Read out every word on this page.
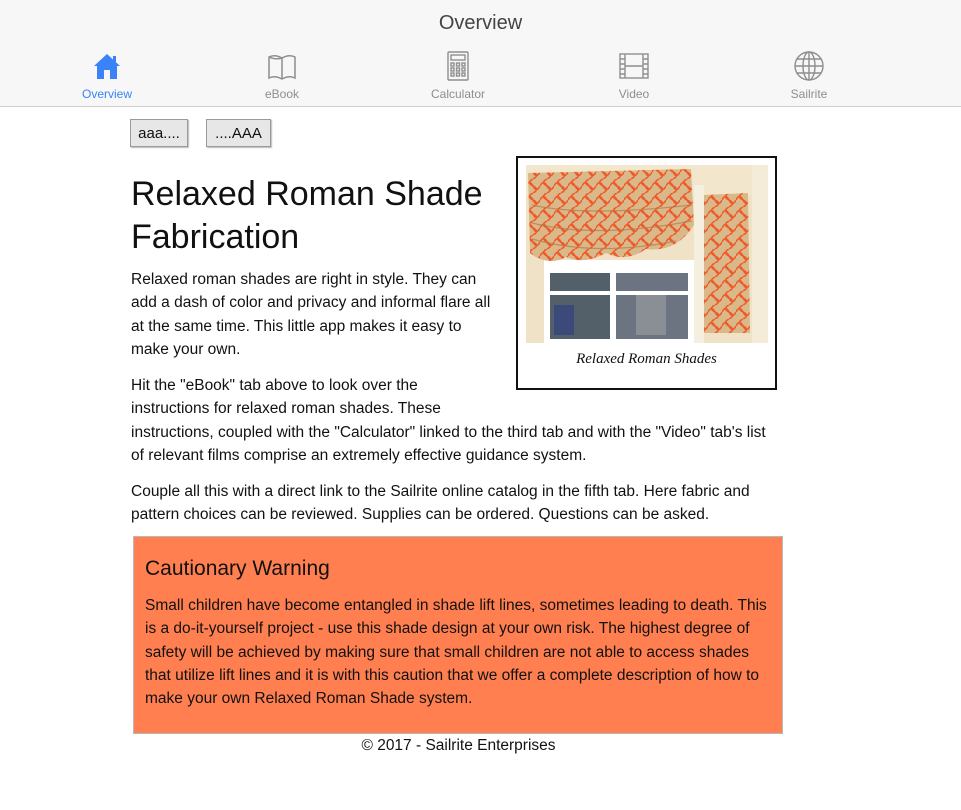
Overview
Overview	eBook	Calculator	Video	Sailrite
aaa....	....AAA
Relaxed Roman Shades
Relaxed Roman Shade Fabrication

Relaxed roman shades are right in style. They can add a dash of color and privacy and informal flare all at the same time. This little app makes it easy to make your own.

Hit the "eBook" tab above to look over the instructions for relaxed roman shades. These instructions, coupled with the "Calculator" linked to the third tab and with the "Video" tab's list of relevant films comprise an extremely effective guidance system.

Couple all this with a direct link to the Sailrite online catalog in the fifth tab. Here fabric and pattern choices can be reviewed. Supplies can be ordered. Questions can be asked.

Cautionary Warning

Small children have become entangled in shade lift lines, sometimes leading to death. This is a do-it-yourself project - use this shade design at your own risk. The highest degree of safety will be achieved by making sure that small children are not able to access shades that utilize lift lines and it is with this caution that we offer a complete description of how to make your own Relaxed Roman Shade system.

© 2017 - Sailrite Enterprises
